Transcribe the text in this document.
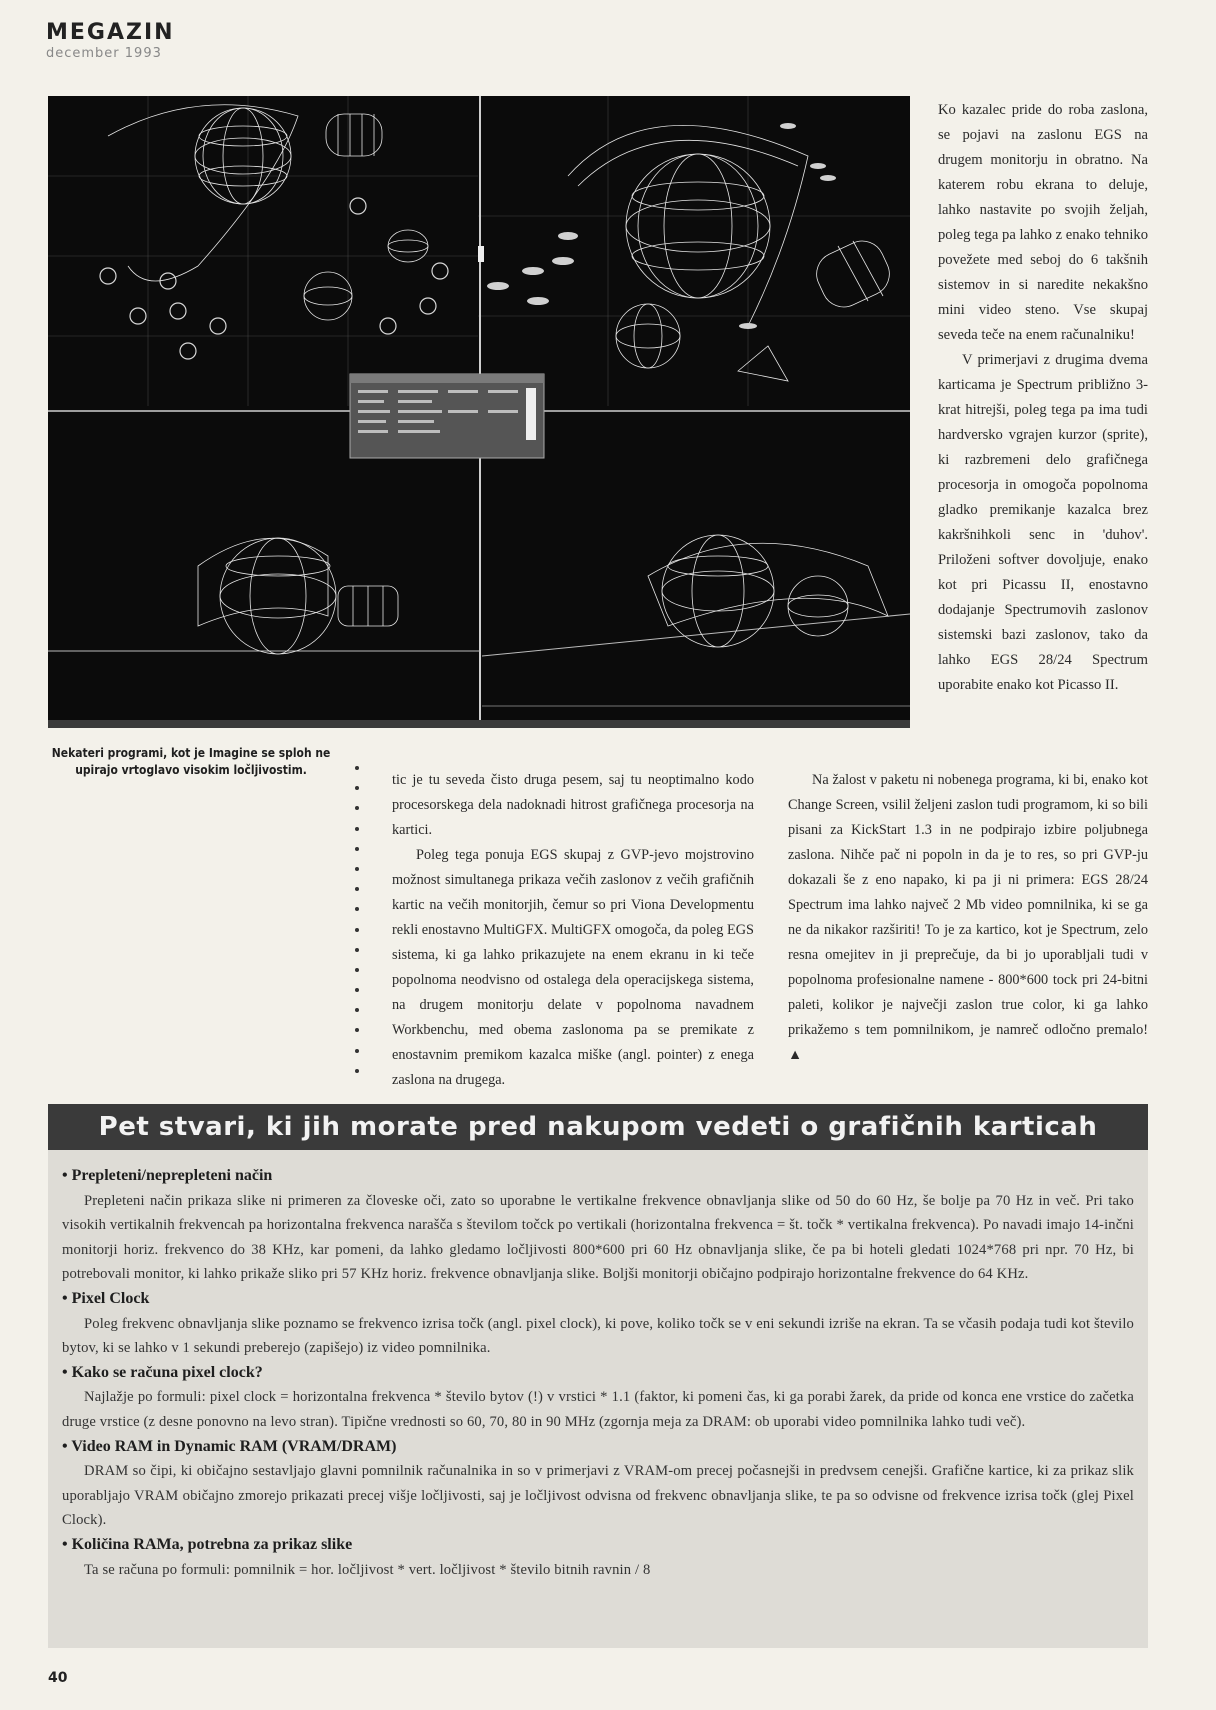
MEGAZIN
december 1993
Nekateri programi, kot je Imagine se sploh ne upirajo vrtoglavo visokim ločljivostim.

Ko kazalec pride do roba zaslona, se pojavi na zaslonu EGS na drugem monitorju in obratno. Na katerem robu ekrana to deluje, lahko nastavite po svojih željah, poleg tega pa lahko z enako tehniko povežete med seboj do 6 takšnih sistemov in si naredite nekakšno mini video steno. Vse skupaj seveda teče na enem računalniku!

V primerjavi z drugima dvema karticama je Spectrum približno 3-krat hitrejši, poleg tega pa ima tudi hardversko vgrajen kurzor (sprite), ki razbremeni delo grafičnega procesorja in omogoča popolnoma gladko premikanje kazalca brez kakršnihkoli senc in 'duhov'. Priloženi softver dovoljuje, enako kot pri Picassu II, enostavno dodajanje Spectrumovih zaslonov sistemski bazi zaslonov, tako da lahko EGS 28/24 Spectrum uporabite enako kot Picasso II.

tic je tu seveda čisto druga pesem, saj tu neoptimalno kodo procesorskega dela nadoknadi hitrost grafičnega procesorja na kartici.

Poleg tega ponuja EGS skupaj z GVP-jevo mojstrovino možnost simultanega prikaza večih zaslonov z večih grafičnih kartic na večih monitorjih, čemur so pri Viona Developmentu rekli enostavno MultiGFX. MultiGFX omogoča, da poleg EGS sistema, ki ga lahko prikazujete na enem ekranu in ki teče popolnoma neodvisno od ostalega dela operacijskega sistema, na drugem monitorju delate v popolnoma navadnem Workbenchu, med obema zaslonoma pa se premikate z enostavnim premikom kazalca miške (angl. pointer) z enega zaslona na drugega.

Na žalost v paketu ni nobenega programa, ki bi, enako kot Change Screen, vsilil željeni zaslon tudi programom, ki so bili pisani za KickStart 1.3 in ne podpirajo izbire poljubnega zaslona. Nihče pač ni popoln in da je to res, so pri GVP-ju dokazali še z eno napako, ki pa ji ni primera: EGS 28/24 Spectrum ima lahko največ 2 Mb video pomnilnika, ki se ga ne da nikakor razširiti! To je za kartico, kot je Spectrum, zelo resna omejitev in ji preprečuje, da bi jo uporabljali tudi v popolnoma profesionalne namene - 800*600 tock pri 24-bitni paleti, kolikor je največji zaslon true color, ki ga lahko prikažemo s tem pomnilnikom, je namreč odločno premalo! ▲

Pet stvari, ki jih morate pred nakupom vedeti o grafičnih karticah
• Prepleteni/neprepleteni način
Prepleteni način prikaza slike ni primeren za človeske oči, zato so uporabne le vertikalne frekvence obnavljanja slike od 50 do 60 Hz, še bolje pa 70 Hz in več. Pri tako visokih vertikalnih frekvencah pa horizontalna frekvenca narašča s številom točck po vertikali (horizontalna frekvenca = št. točk * vertikalna frekvenca). Po navadi imajo 14-inčni monitorji horiz. frekvenco do 38 KHz, kar pomeni, da lahko gledamo ločljivosti 800*600 pri 60 Hz obnavljanja slike, če pa bi hoteli gledati 1024*768 pri npr. 70 Hz, bi potrebovali monitor, ki lahko prikaže sliko pri 57 KHz horiz. frekvence obnavljanja slike. Boljši monitorji običajno podpirajo horizontalne frekvence do 64 KHz.
• Pixel Clock
Poleg frekvenc obnavljanja slike poznamo se frekvenco izrisa točk (angl. pixel clock), ki pove, koliko točk se v eni sekundi izriše na ekran. Ta se včasih podaja tudi kot število bytov, ki se lahko v 1 sekundi preberejo (zapišejo) iz video pomnilnika.
• Kako se računa pixel clock?
Najlažje po formuli: pixel clock = horizontalna frekvenca * število bytov (!) v vrstici * 1.1 (faktor, ki pomeni čas, ki ga porabi žarek, da pride od konca ene vrstice do začetka druge vrstice (z desne ponovno na levo stran). Tipične vrednosti so 60, 70, 80 in 90 MHz (zgornja meja za DRAM: ob uporabi video pomnilnika lahko tudi več).
• Video RAM in Dynamic RAM (VRAM/DRAM)
DRAM so čipi, ki običajno sestavljajo glavni pomnilnik računalnika in so v primerjavi z VRAM-om precej počasnejši in predvsem cenejši. Grafične kartice, ki za prikaz slik uporabljajo VRAM običajno zmorejo prikazati precej višje ločljivosti, saj je ločljivost odvisna od frekvenc obnavljanja slike, te pa so odvisne od frekvence izrisa točk (glej Pixel Clock).
• Količina RAMa, potrebna za prikaz slike
Ta se računa po formuli: pomnilnik = hor. ločljivost * vert. ločljivost * število bitnih ravnin / 8
40
